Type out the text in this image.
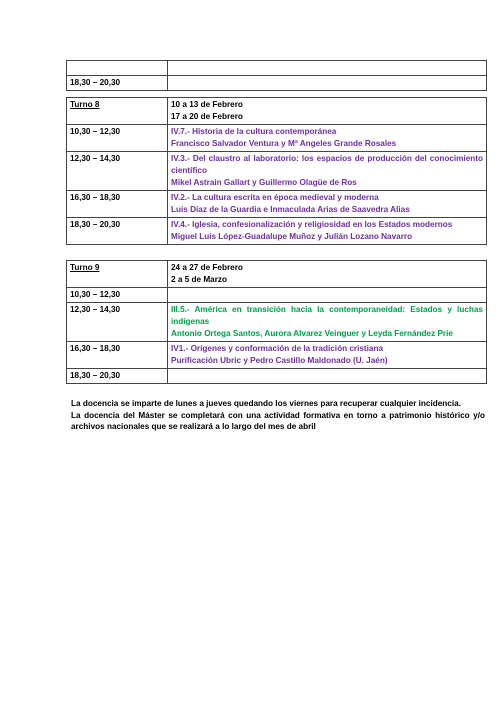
18,30 – 20,30	
Turno 8	10 a 13 de Febrero
17 a 20 de Febrero

10,30 – 12,30	IV.7.- Historia de la cultura contemporánea
Francisco Salvador Ventura y Mª Angeles Grande Rosales

12,30 – 14,30	IV.3.- Del claustro al laboratorio: los espacios de producción del conocimiento científico
Mikel Astrain Gallart y Guillermo Olagüe de Ros

16,30 – 18,30	IV.2.- La cultura escrita en época medieval y moderna
Luis Díaz de la Guardia e Inmaculada Arias de Saavedra Alias

18,30 – 20,30	IV.4.- Iglesia, confesionalización y religiosidad en los Estados modernos
Miguel Luis López-Guadalupe Muñoz y Julián Lozano Navarro
Turno 9	24 a 27 de Febrero
2 a 5 de Marzo

10,30 – 12,30	
12,30 – 14,30	III.5.- América en transición hacia la contemporaneidad: Estados y luchas indígenas
Antonio Ortega Santos, Aurora Alvarez Veinguer y Leyda Fernández Prie

16,30 – 18,30	IV1.- Orígenes y conformación de la tradición cristiana
Purificación Ubric y Pedro Castillo Maldonado (U. Jaén)

18,30 – 20,30	

La docencia se imparte de lunes a jueves quedando los viernes para recuperar cualquier incidencia.

La docencia del Máster se completará con una actividad formativa en torno a patrimonio histórico y/o archivos nacionales que se realizará a lo largo del mes de abril
